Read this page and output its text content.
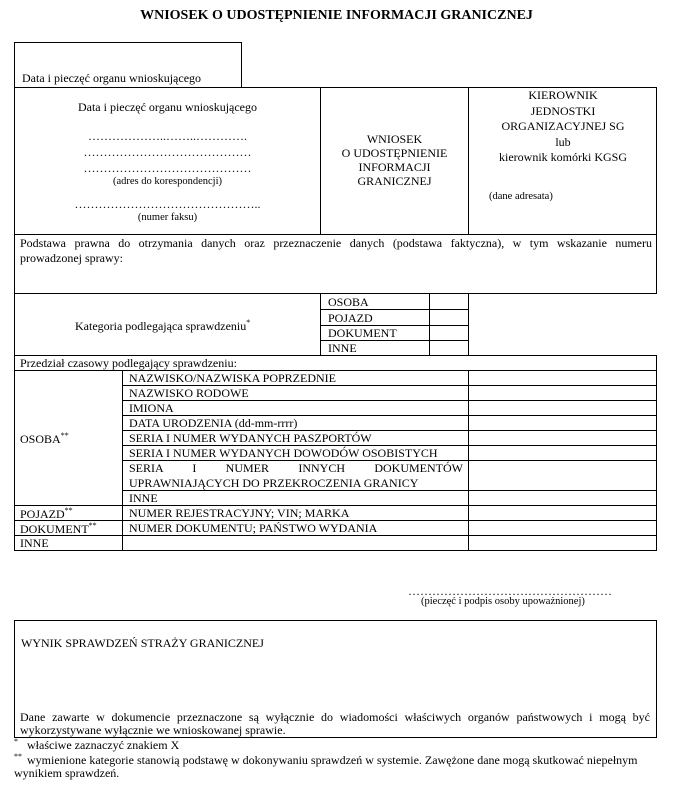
WNIOSEK O UDOSTĘPNIENIE INFORMACJI GRANICZNEJ
Data i pieczęć organu wnioskującego
Data i pieczęć organu wnioskującego
………………..……..………….
……………………………………
……………………………………
(adres do korespondencji)
………………………………………..
(numer faksu)
WNIOSEK
O UDOSTĘPNIENIE
INFORMACJI
GRANICZNEJ
KIEROWNIK
JEDNOSTKI
ORGANIZACYJNEJ SG
lub
kierownik komórki KGSG
(dane adresata)
Podstawa prawna do otrzymania danych oraz przeznaczenie danych (podstawa faktyczna), w tym wskazanie numeru
prowadzonej sprawy:
Kategoria podlegająca sprawdzeniu*
OSOBA
POJAZD
DOKUMENT
INNE
Przedział czasowy podlegający sprawdzeniu:
OSOBA**
POJAZD**
DOKUMENT**
INNE
NAZWISKO/NAZWISKA POPRZEDNIE
NAZWISKO RODOWE
IMIONA
DATA URODZENIA (dd-mm-rrrr)
SERIA I NUMER WYDANYCH PASZPORTÓW
SERIA I NUMER WYDANYCH DOWODÓW OSOBISTYCH
SERIA I NUMER INNYCH DOKUMENTÓW
UPRAWNIAJĄCYCH DO PRZEKROCZENIA GRANICY
INNE
NUMER REJESTRACYJNY; VIN; MARKA
NUMER DOKUMENTU; PAŃSTWO WYDANIA
……………………………………………
(pieczęć i podpis osoby upoważnionej)
WYNIK SPRAWDZEŃ STRAŻY GRANICZNEJ
Dane zawarte w dokumencie przeznaczone są wyłącznie do wiadomości właściwych organów państwowych i mogą być
wykorzystywane wyłącznie we wnioskowanej sprawie.
* właściwe zaznaczyć znakiem X
** wymienione kategorie stanowią podstawę w dokonywaniu sprawdzeń w systemie. Zawężone dane mogą skutkować niepełnym
wynikiem sprawdzeń.
